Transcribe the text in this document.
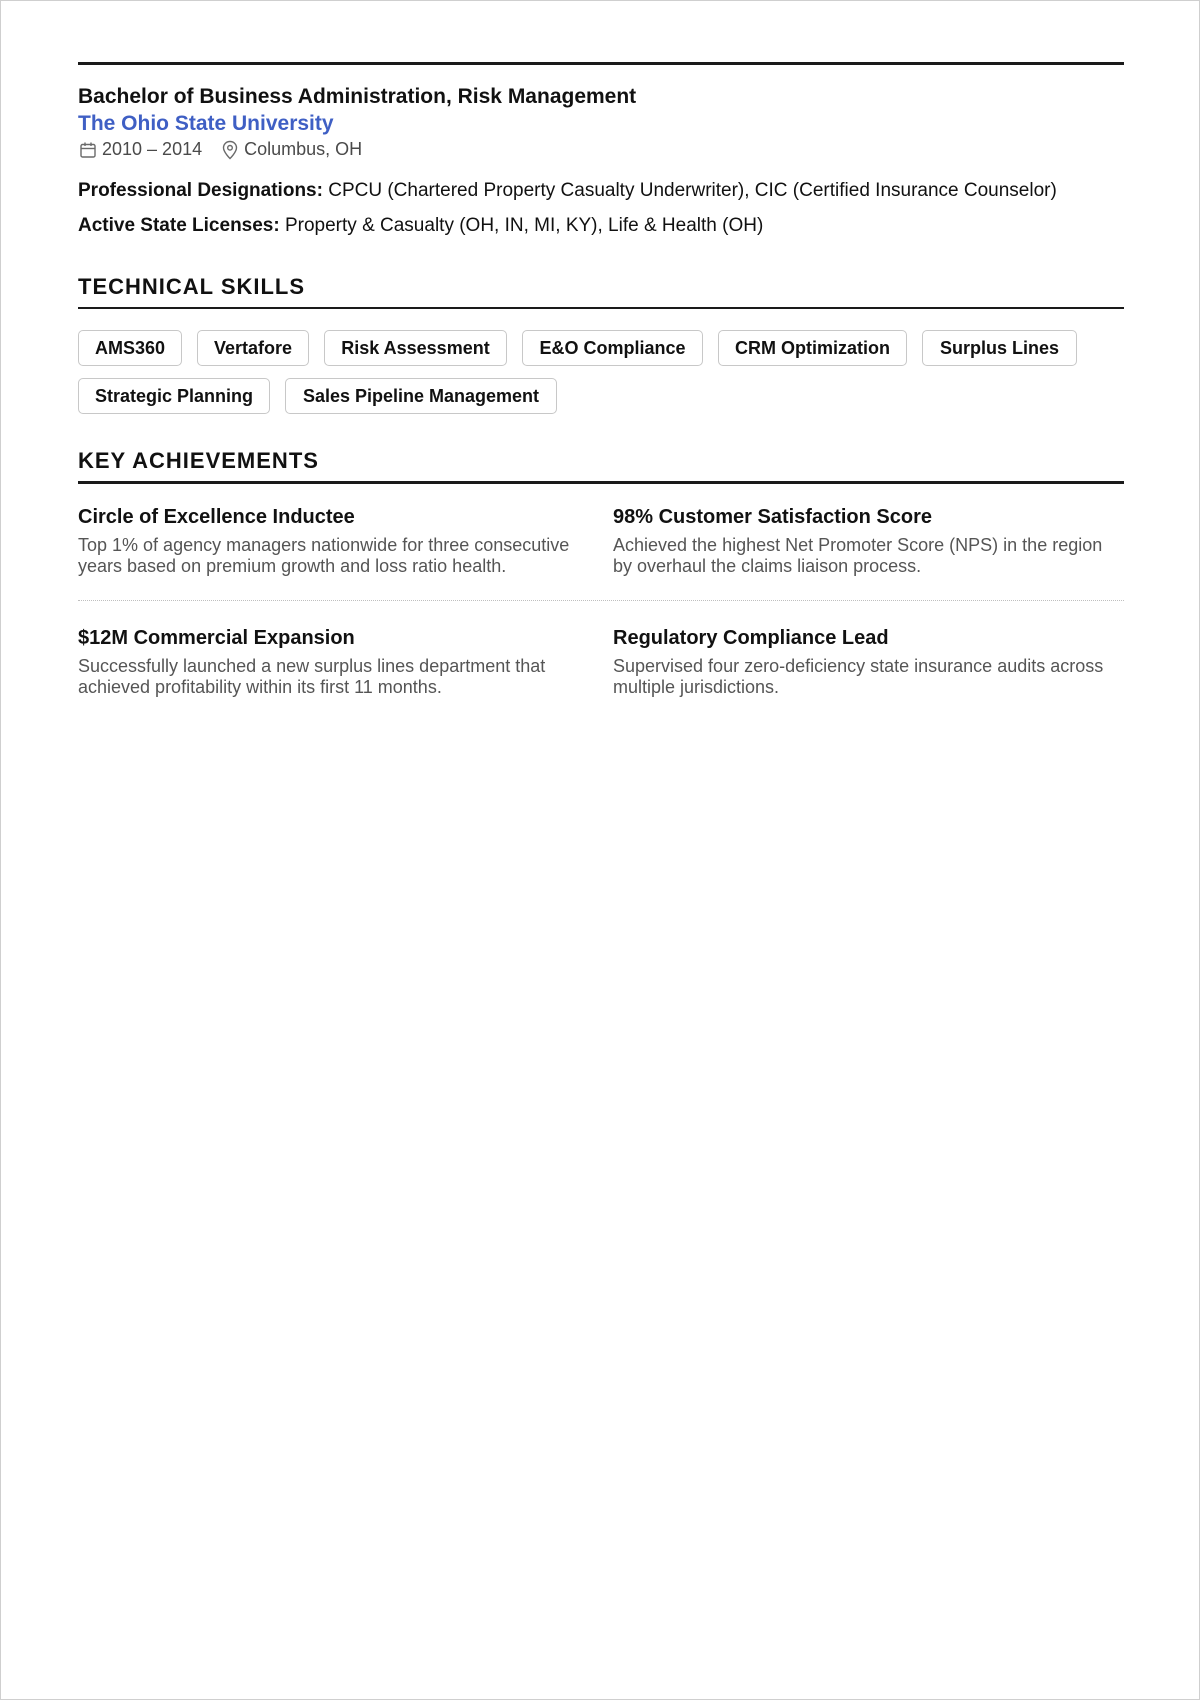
Bachelor of Business Administration, Risk Management
The Ohio State University
2010 – 2014 Columbus, OH
Professional Designations: CPCU (Chartered Property Casualty Underwriter), CIC (Certified Insurance Counselor)
Active State Licenses: Property & Casualty (OH, IN, MI, KY), Life & Health (OH)
TECHNICAL SKILLS
AMS360	Vertafore	Risk Assessment	E&O Compliance	CRM Optimization	Surplus Lines
Strategic Planning	Sales Pipeline Management
KEY ACHIEVEMENTS
Circle of Excellence Inductee
Top 1% of agency managers nationwide for three consecutive years based on premium growth and loss ratio health.
98% Customer Satisfaction Score
Achieved the highest Net Promoter Score (NPS) in the region by overhaul the claims liaison process.
$12M Commercial Expansion
Successfully launched a new surplus lines department that achieved profitability within its first 11 months.
Regulatory Compliance Lead
Supervised four zero-deficiency state insurance audits across multiple jurisdictions.
